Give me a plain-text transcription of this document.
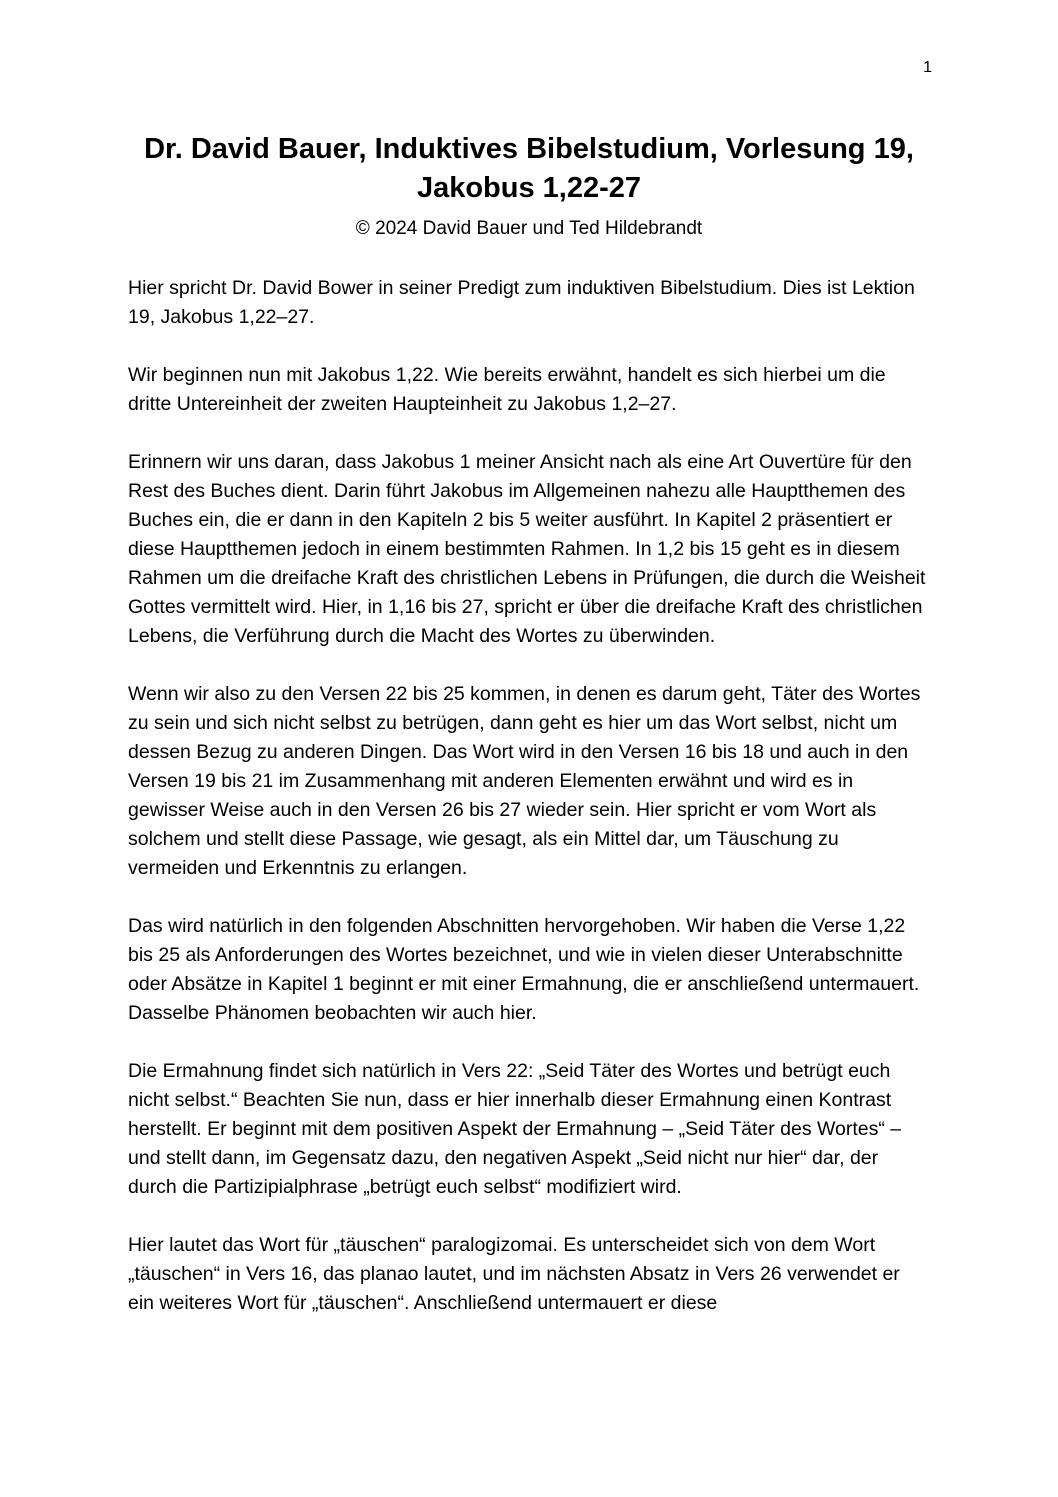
1
Dr. David Bauer, Induktives Bibelstudium, Vorlesung 19,
Jakobus 1,22-27
© 2024 David Bauer und Ted Hildebrandt

Hier spricht Dr. David Bower in seiner Predigt zum induktiven Bibelstudium. Dies ist Lektion 19, Jakobus 1,22–27.

Wir beginnen nun mit Jakobus 1,22. Wie bereits erwähnt, handelt es sich hierbei um die dritte Untereinheit der zweiten Haupteinheit zu Jakobus 1,2–27.

Erinnern wir uns daran, dass Jakobus 1 meiner Ansicht nach als eine Art Ouvertüre für den Rest des Buches dient. Darin führt Jakobus im Allgemeinen nahezu alle Hauptthemen des Buches ein, die er dann in den Kapiteln 2 bis 5 weiter ausführt. In Kapitel 2 präsentiert er diese Hauptthemen jedoch in einem bestimmten Rahmen. In 1,2 bis 15 geht es in diesem Rahmen um die dreifache Kraft des christlichen Lebens in Prüfungen, die durch die Weisheit Gottes vermittelt wird. Hier, in 1,16 bis 27, spricht er über die dreifache Kraft des christlichen Lebens, die Verführung durch die Macht des Wortes zu überwinden.

Wenn wir also zu den Versen 22 bis 25 kommen, in denen es darum geht, Täter des Wortes zu sein und sich nicht selbst zu betrügen, dann geht es hier um das Wort selbst, nicht um dessen Bezug zu anderen Dingen. Das Wort wird in den Versen 16 bis 18 und auch in den Versen 19 bis 21 im Zusammenhang mit anderen Elementen erwähnt und wird es in gewisser Weise auch in den Versen 26 bis 27 wieder sein. Hier spricht er vom Wort als solchem und stellt diese Passage, wie gesagt, als ein Mittel dar, um Täuschung zu vermeiden und Erkenntnis zu erlangen.

Das wird natürlich in den folgenden Abschnitten hervorgehoben. Wir haben die Verse 1,22 bis 25 als Anforderungen des Wortes bezeichnet, und wie in vielen dieser Unterabschnitte oder Absätze in Kapitel 1 beginnt er mit einer Ermahnung, die er anschließend untermauert. Dasselbe Phänomen beobachten wir auch hier.

Die Ermahnung findet sich natürlich in Vers 22: „Seid Täter des Wortes und betrügt euch nicht selbst.“ Beachten Sie nun, dass er hier innerhalb dieser Ermahnung einen Kontrast herstellt. Er beginnt mit dem positiven Aspekt der Ermahnung – „Seid Täter des Wortes“ – und stellt dann, im Gegensatz dazu, den negativen Aspekt „Seid nicht nur hier“ dar, der durch die Partizipialphrase „betrügt euch selbst“ modifiziert wird.

Hier lautet das Wort für „täuschen“ paralogizomai. Es unterscheidet sich von dem Wort „täuschen“ in Vers 16, das planao lautet, und im nächsten Absatz in Vers 26 verwendet er ein weiteres Wort für „täuschen“. Anschließend untermauert er diese
